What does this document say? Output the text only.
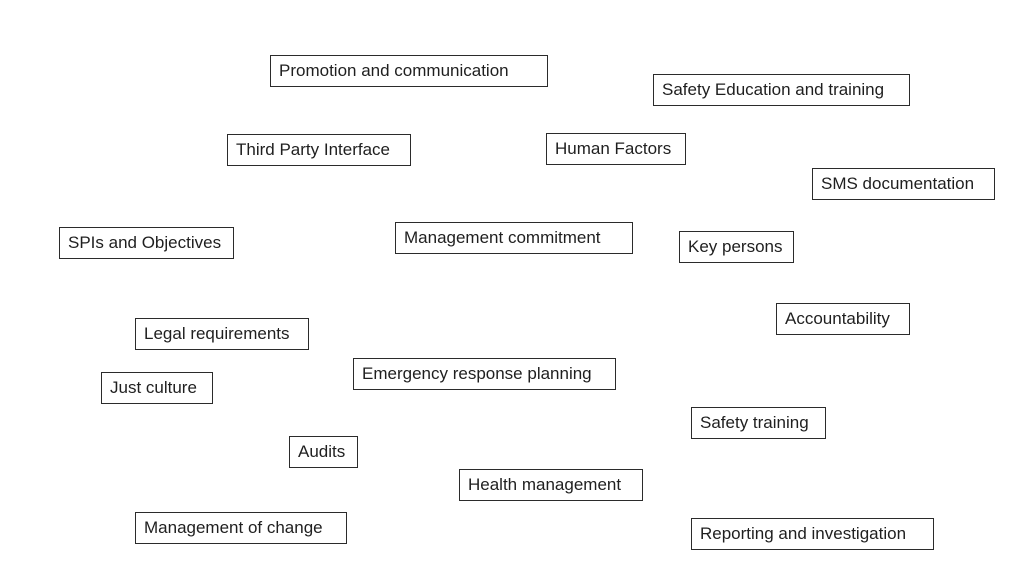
Promotion and communication
Safety Education and training
Third Party Interface	Human Factors
SMS documentation
SPIs and Objectives	Management commitment	Key persons
Accountability
Legal requirements
Emergency response planning
Just culture
Safety training
Audits
Health management
Management of change	Reporting and investigation
